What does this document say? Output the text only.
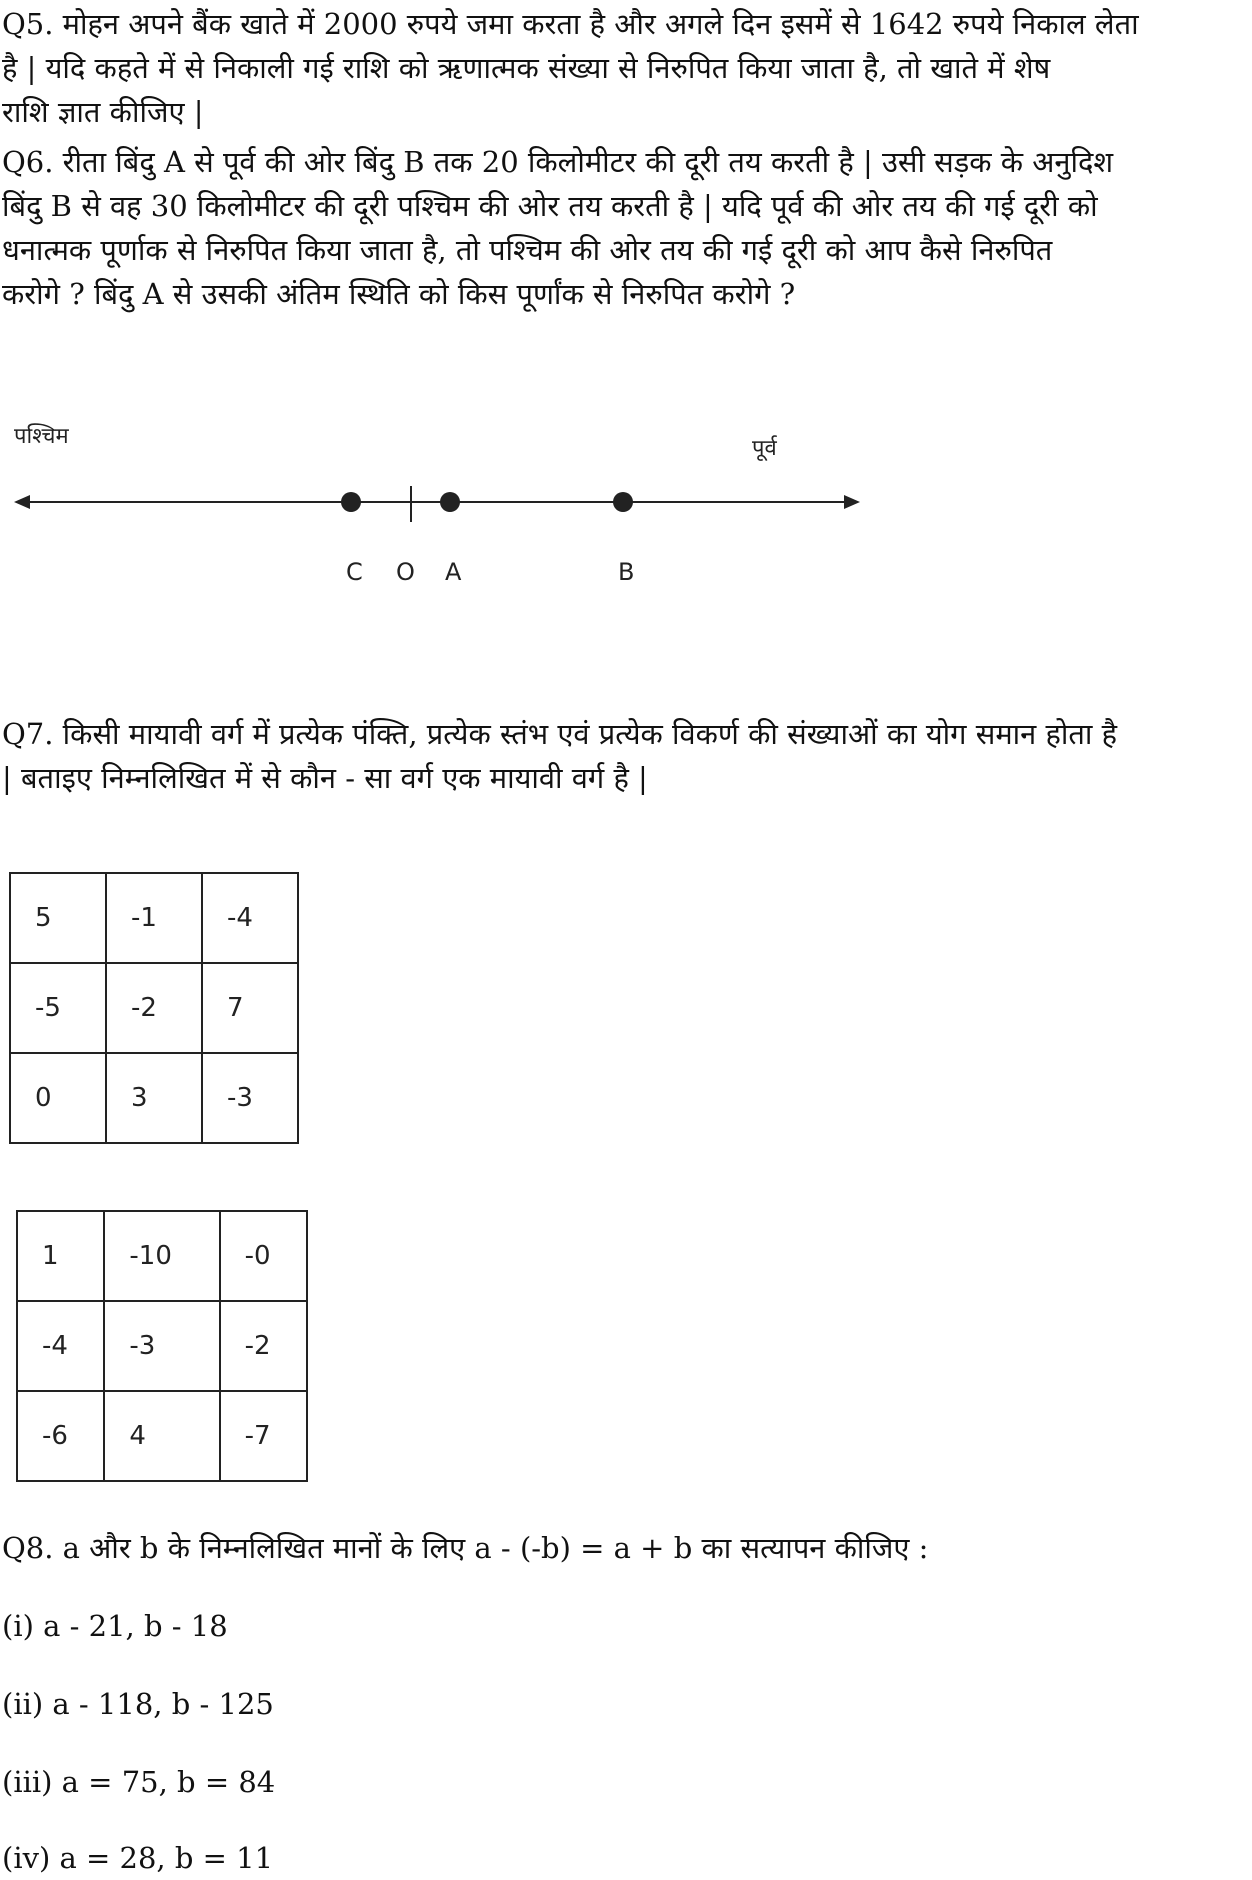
Q5. मोहन अपने बैंक खाते में 2000 रुपये जमा करता है और अगले दिन इसमें से 1642 रुपये निकाल लेता
है | यदि कहते में से निकाली गई राशि को ऋणात्मक संख्या से निरुपित किया जाता है, तो खाते में शेष
राशि ज्ञात कीजिए |
Q6. रीता बिंदु A से पूर्व की ओर बिंदु B तक 20 किलोमीटर की दूरी तय करती है | उसी सड़क के अनुदिश
बिंदु B से वह 30 किलोमीटर की दूरी पश्चिम की ओर तय करती है | यदि पूर्व की ओर तय की गई दूरी को
धनात्मक पूर्णाक से निरुपित किया जाता है, तो पश्चिम की ओर तय की गई दूरी को आप कैसे निरुपित
करोगे ? बिंदु A से उसकी अंतिम स्थिति को किस पूर्णांक से निरुपित करोगे ?
पश्चिम	पूर्व
C O A	B
Q7. किसी मायावी वर्ग में प्रत्येक पंक्ति, प्रत्येक स्तंभ एवं प्रत्येक विकर्ण की संख्याओं का योग समान होता है
| बताइए निम्नलिखित में से कौन - सा वर्ग एक मायावी वर्ग है |
5	-1	-4
-5	-2	7
0	3	-3
1	-10	-0
-4	-3	-2
-6	4	-7

Q8. a और b के निम्नलिखित मानों के लिए a - (-b) = a + b का सत्यापन कीजिए :

(i) a - 21, b - 18

(ii) a - 118, b - 125

(iii) a = 75, b = 84

(iv) a = 28, b = 11
